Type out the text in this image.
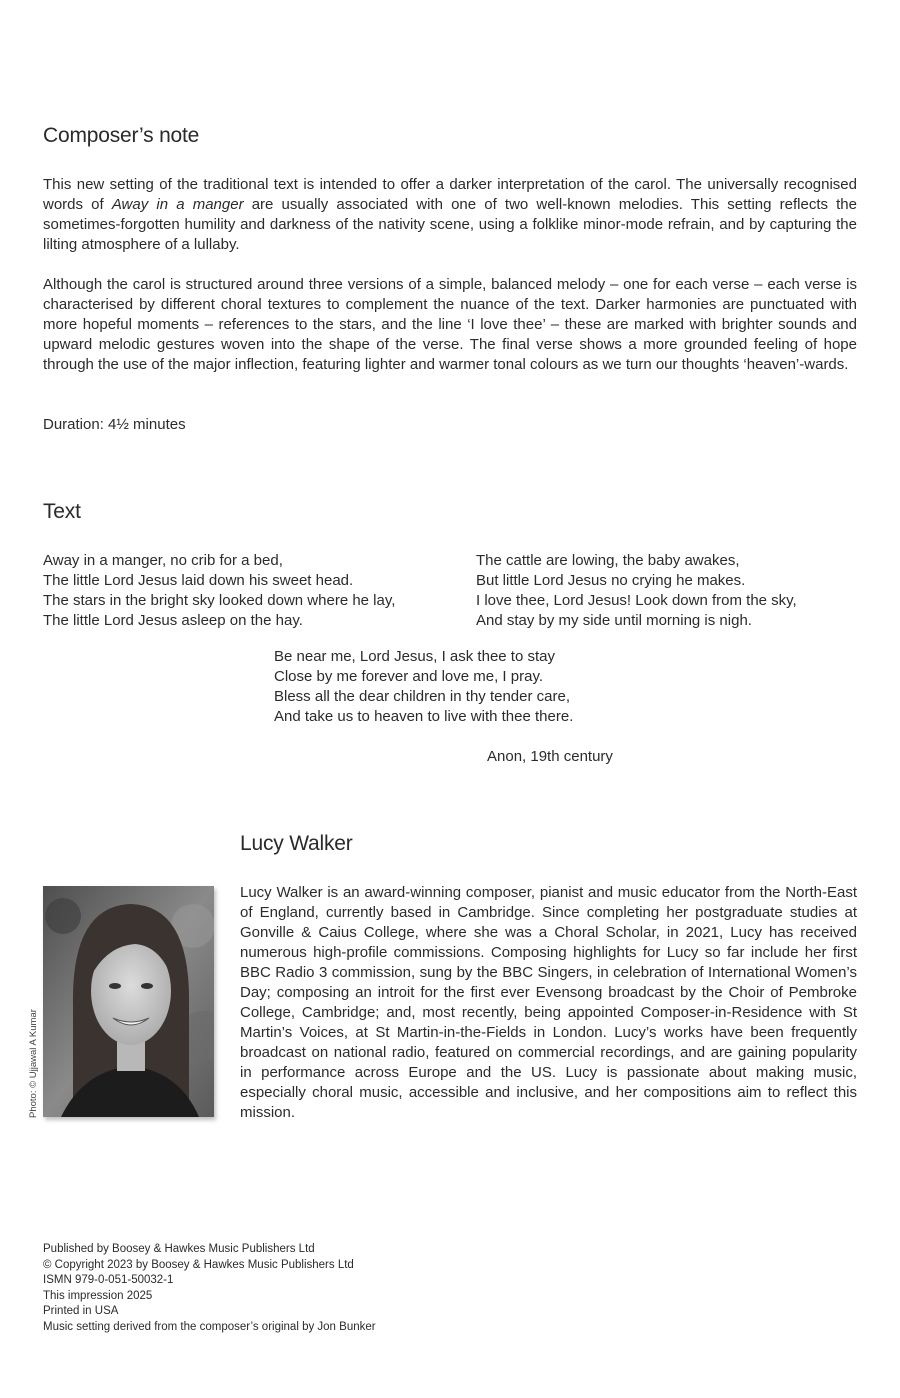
Composer’s note

This new setting of the traditional text is intended to offer a darker interpretation of the carol. The universally recognised words of Away in a manger are usually associated with one of two well-known melodies. This setting reflects the sometimes-forgotten humility and darkness of the nativity scene, using a folklike minor-mode refrain, and by capturing the lilting atmosphere of a lullaby.

Although the carol is structured around three versions of a simple, balanced melody – one for each verse – each verse is characterised by different choral textures to complement the nuance of the text. Darker harmonies are punctuated with more hopeful moments – references to the stars, and the line ‘I love thee’ – these are marked with brighter sounds and upward melodic gestures woven into the shape of the verse. The final verse shows a more grounded feeling of hope through the use of the major inflection, featuring lighter and warmer tonal colours as we turn our thoughts ‘heaven’-wards.

Duration: 4½ minutes

Text
Away in a manger, no crib for a bed,
The little Lord Jesus laid down his sweet head.
The stars in the bright sky looked down where he lay,
The little Lord Jesus asleep on the hay.
The cattle are lowing, the baby awakes,
But little Lord Jesus no crying he makes.
I love thee, Lord Jesus! Look down from the sky,
And stay by my side until morning is nigh.
Be near me, Lord Jesus, I ask thee to stay
Close by me forever and love me, I pray.
Bless all the dear children in thy tender care,
And take us to heaven to live with thee there.
Anon, 19th century
Lucy Walker
Photo: © Ujjawal A Kumar

Lucy Walker is an award-winning composer, pianist and music educator from the North-East of England, currently based in Cambridge. Since completing her postgraduate studies at Gonville & Caius College, where she was a Choral Scholar, in 2021, Lucy has received numerous high-profile commissions. Composing highlights for Lucy so far include her first BBC Radio 3 commission, sung by the BBC Singers, in celebration of International Women’s Day; composing an introit for the first ever Evensong broadcast by the Choir of Pembroke College, Cambridge; and, most recently, being appointed Composer-in-Residence with St Martin’s Voices, at St Martin-in-the-Fields in London. Lucy’s works have been frequently broadcast on national radio, featured on commercial recordings, and are gaining popularity in performance across Europe and the US. Lucy is passionate about making music, especially choral music, accessible and inclusive, and her compositions aim to reflect this mission.

Published by Boosey & Hawkes Music Publishers Ltd
© Copyright 2023 by Boosey & Hawkes Music Publishers Ltd
ISMN 979-0-051-50032-1
This impression 2025
Printed in USA
Music setting derived from the composer’s original by Jon Bunker
